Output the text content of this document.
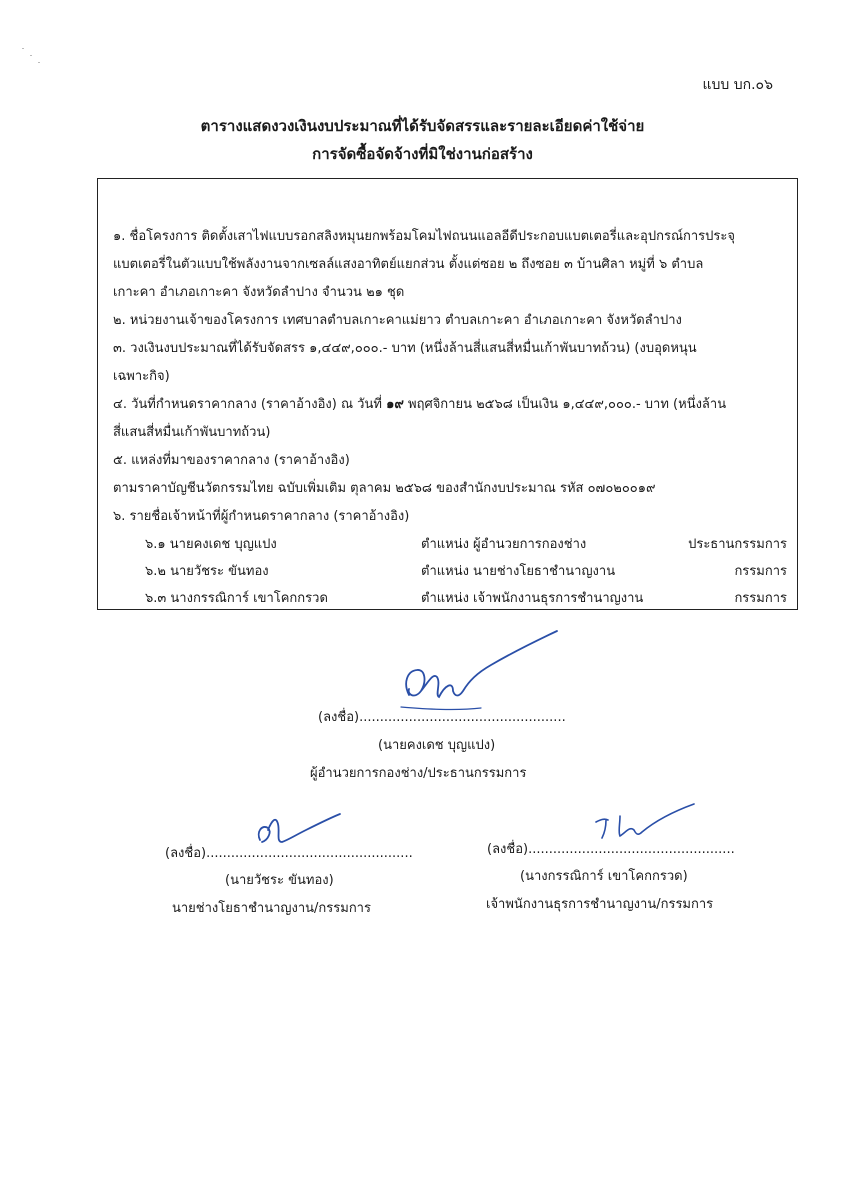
แบบ บก.๐๖
ตารางแสดงวงเงินงบประมาณที่ได้รับจัดสรรและรายละเอียดค่าใช้จ่าย
การจัดซื้อจัดจ้างที่มิใช่งานก่อสร้าง
๑. ชื่อโครงการ ติดตั้งเสาไฟแบบรอกสลิงหมุนยกพร้อมโคมไฟถนนแอลอีดีประกอบแบตเตอรี่และอุปกรณ์การประจุ
แบตเตอรี่ในตัวแบบใช้พลังงานจากเซลล์แสงอาทิตย์แยกส่วน ตั้งแต่ซอย ๒ ถึงซอย ๓ บ้านศิลา หมู่ที่ ๖ ตำบล
เกาะคา อำเภอเกาะคา จังหวัดลำปาง จำนวน ๒๑ ชุด
๒. หน่วยงานเจ้าของโครงการ เทศบาลตำบลเกาะคาแม่ยาว ตำบลเกาะคา อำเภอเกาะคา จังหวัดลำปาง
๓. วงเงินงบประมาณที่ได้รับจัดสรร ๑,๔๔๙,๐๐๐.- บาท (หนึ่งล้านสี่แสนสี่หมื่นเก้าพันบาทถ้วน) (งบอุดหนุน
เฉพาะกิจ)
๔. วันที่กำหนดราคากลาง (ราคาอ้างอิง) ณ วันที่ ๑๙ พฤศจิกายน ๒๕๖๘ เป็นเงิน ๑,๔๔๙,๐๐๐.- บาท (หนึ่งล้าน
สี่แสนสี่หมื่นเก้าพันบาทถ้วน)
๕. แหล่งที่มาของราคากลาง (ราคาอ้างอิง)
ตามราคาบัญชีนวัตกรรมไทย ฉบับเพิ่มเติม ตุลาคม ๒๕๖๘ ของสำนักงบประมาณ รหัส ๐๗๐๒๐๐๑๙
๖. รายชื่อเจ้าหน้าที่ผู้กำหนดราคากลาง (ราคาอ้างอิง)
๖.๑ นายคงเดช บุญแปง	ตำแหน่ง ผู้อำนวยการกองช่าง	ประธานกรรมการ
๖.๒ นายวัชระ ขันทอง	ตำแหน่ง นายช่างโยธาชำนาญงาน	กรรมการ
๖.๓ นางกรรณิการ์ เขาโคกกรวด	ตำแหน่ง เจ้าพนักงานธุรการชำนาญงาน	กรรมการ
(ลงชื่อ)..................................................
(นายคงเดช บุญแปง)
ผู้อำนวยการกองช่าง/ประธานกรรมการ
(ลงชื่อ)..................................................
(นายวัชระ ขันทอง)
นายช่างโยธาชำนาญงาน/กรรมการ
(ลงชื่อ)..................................................
(นางกรรณิการ์ เขาโคกกรวด)
เจ้าพนักงานธุรการชำนาญงาน/กรรมการ
